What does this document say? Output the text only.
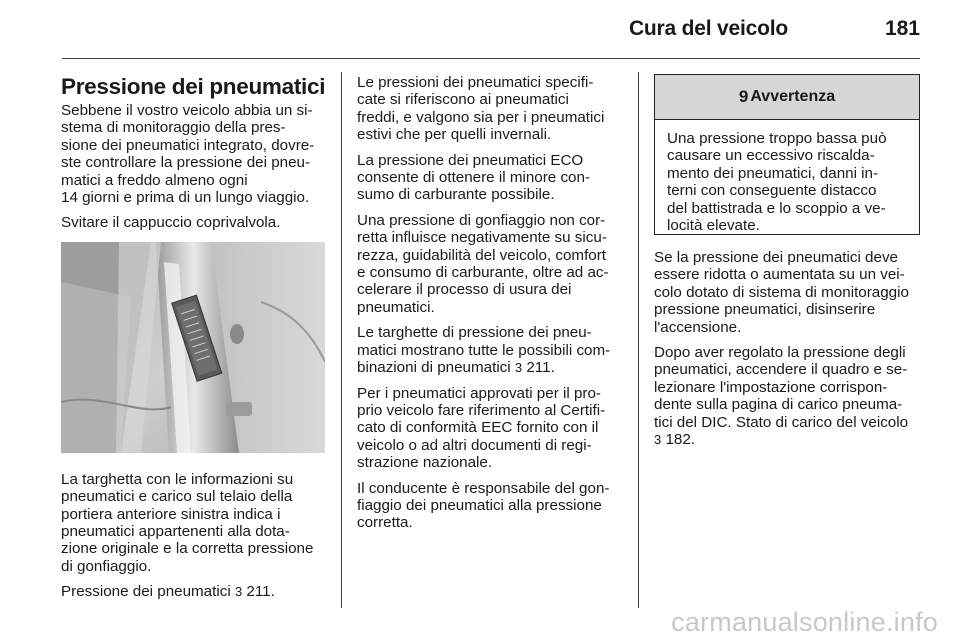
Cura del veicolo	181
Pressione dei pneumatici

Sebbene il vostro veicolo abbia un si-
stema di monitoraggio della pres-
sione dei pneumatici integrato, dovre-
ste controllare la pressione dei pneu-
matici a freddo almeno ogni
14 giorni e prima di un lungo viaggio.

Svitare il cappuccio coprivalvola.

La targhetta con le informazioni su
pneumatici e carico sul telaio della
portiera anteriore sinistra indica i
pneumatici appartenenti alla dota-
zione originale e la corretta pressione
di gonfiaggio.

Pressione dei pneumatici 3 211.

Le pressioni dei pneumatici specifi-
cate si riferiscono ai pneumatici
freddi, e valgono sia per i pneumatici
estivi che per quelli invernali.

La pressione dei pneumatici ECO
consente di ottenere il minore con-
sumo di carburante possibile.

Una pressione di gonfiaggio non cor-
retta influisce negativamente su sicu-
rezza, guidabilità del veicolo, comfort
e consumo di carburante, oltre ad ac-
celerare il processo di usura dei
pneumatici.

Le targhette di pressione dei pneu-
matici mostrano tutte le possibili com-
binazioni di pneumatici 3 211.

Per i pneumatici approvati per il pro-
prio veicolo fare riferimento al Certifi-
cato di conformità EEC fornito con il
veicolo o ad altri documenti di regi-
strazione nazionale.

Il conducente è responsabile del gon-
fiaggio dei pneumatici alla pressione
corretta.

9 Avvertenza
Una pressione troppo bassa può
causare un eccessivo riscalda-
mento dei pneumatici, danni in-
terni con conseguente distacco
del battistrada e lo scoppio a ve-
locità elevate.

Se la pressione dei pneumatici deve
essere ridotta o aumentata su un vei-
colo dotato di sistema di monitoraggio
pressione pneumatici, disinserire
l'accensione.

Dopo aver regolato la pressione degli
pneumatici, accendere il quadro e se-
lezionare l'impostazione corrispon-
dente sulla pagina di carico pneuma-
tici del DIC. Stato di carico del veicolo
3 182.

carmanualsonline.info
